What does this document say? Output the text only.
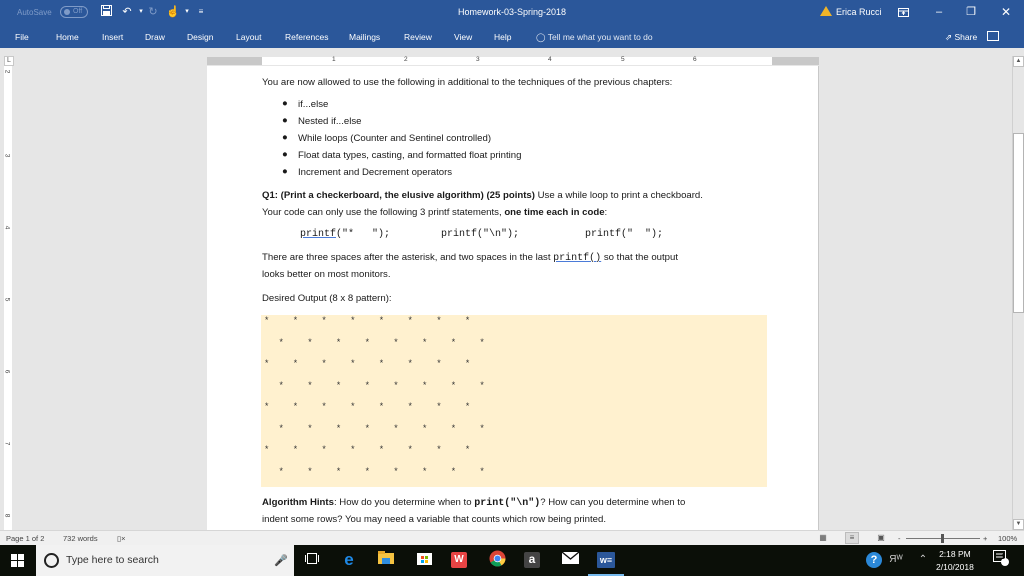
AutoSave	Off	↶	▾ ↻ ☝ ▾	≡	Homework-03-Spring-2018	Erica Rucci	–	❐	✕
File	Home	Insert	Draw	Design	Layout	References Mailings	Review	View	Help	◯ Tell me what you want to do	⇗ Share
L	1	2	3	4	5	6
2
3
4
5
6
7
8
You are now allowed to use the following in additional to the techniques of the previous chapters:
● if...else
● Nested if...else
● While loops (Counter and Sentinel controlled)
● Float data types, casting, and formatted float printing
● Increment and Decrement operators
Q1: (Print a checkerboard, the elusive algorithm) (25 points) Use a while loop to print a checkboard.
Your code can only use the following 3 printf statements, one time each in code:
printf("*   ");	printf("\n");	printf("  ");
There are three spaces after the asterisk, and two spaces in the last printf() so that the output
looks better on most monitors.
Desired Output (8 x 8 pattern):
*	*	*	*	*	*	*	*
*	*	*	*	*	*	*	*
*	*	*	*	*	*	*	*
*	*	*	*	*	*	*	*
*	*	*	*	*	*	*	*
*	*	*	*	*	*	*	*
*	*	*	*	*	*	*	*
*	*	*	*	*	*	*	*
Algorithm Hints: How do you determine when to print("\n")? How can you determine when to
indent some rows? You may need a variable that counts which row being printed.
▲
▼
Page 1 of 2 732 words	▯×	▦	≡	▣	-	+ 100%
Type here to search	🎤	e	W	a	w≡	?	Яᵂ	⌃	2:18 PM
2/10/2018
1
